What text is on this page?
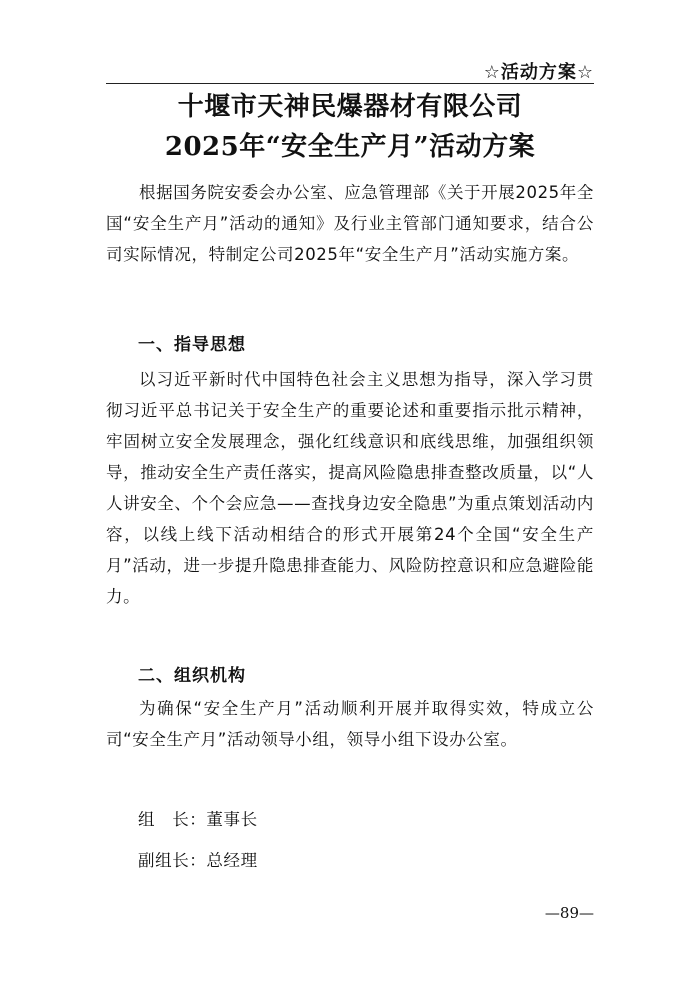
☆活动方案☆
十堰市天神民爆器材有限公司
2025年“安全生产月”活动方案
根据国务院安委会办公室、应急管理部《关于开展2025年全国“安全生产月”活动的通知》及行业主管部门通知要求，结合公司实际情况，特制定公司2025年“安全生产月”活动实施方案。
一、指导思想
以习近平新时代中国特色社会主义思想为指导，深入学习贯彻习近平总书记关于安全生产的重要论述和重要指示批示精神，牢固树立安全发展理念，强化红线意识和底线思维，加强组织领导，推动安全生产责任落实，提高风险隐患排查整改质量，以“人人讲安全、个个会应急——查找身边安全隐患”为重点策划活动内容，以线上线下活动相结合的形式开展第24个全国“安全生产月”活动，进一步提升隐患排查能力、风险防控意识和应急避险能力。
二、组织机构
为确保“安全生产月”活动顺利开展并取得实效，特成立公司“安全生产月”活动领导小组，领导小组下设办公室。
组　长：董事长
副组长：总经理
—89—
